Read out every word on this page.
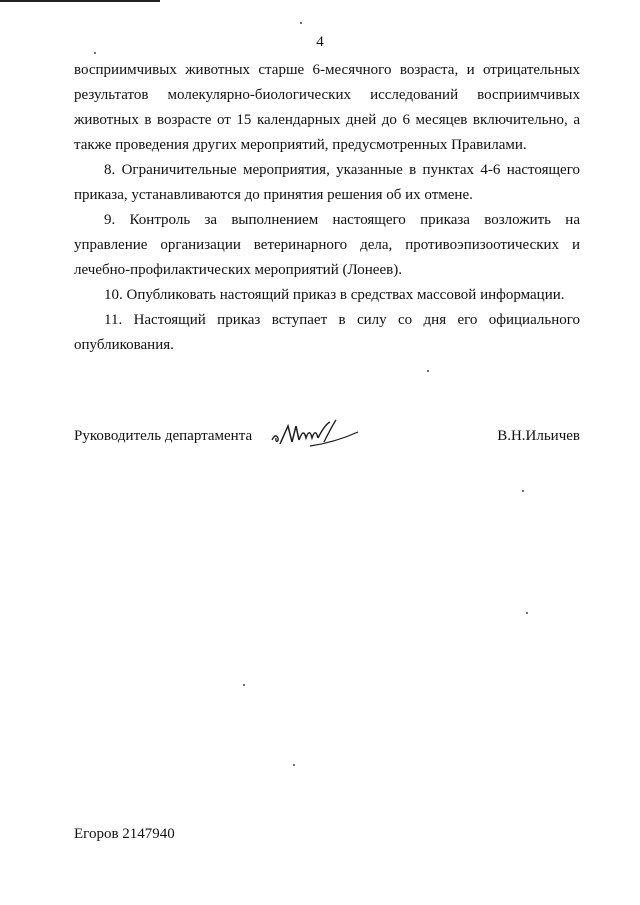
4

восприимчивых животных старше 6-месячного возраста, и отрицательных результатов молекулярно-биологических исследований восприимчивых животных в возрасте от 15 календарных дней до 6 месяцев включительно, а также проведения других мероприятий, предусмотренных Правилами.

8. Ограничительные мероприятия, указанные в пунктах 4-6 настоящего приказа, устанавливаются до принятия решения об их отмене.

9. Контроль за выполнением настоящего приказа возложить на управление организации ветеринарного дела, противоэпизоотических и лечебно-профилактических мероприятий (Лонеев).

10. Опубликовать настоящий приказ в средствах массовой информации.

11. Настоящий приказ вступает в силу со дня его официального опубликования.

Руководитель департамента	В.Н.Ильичев
Егоров 2147940
